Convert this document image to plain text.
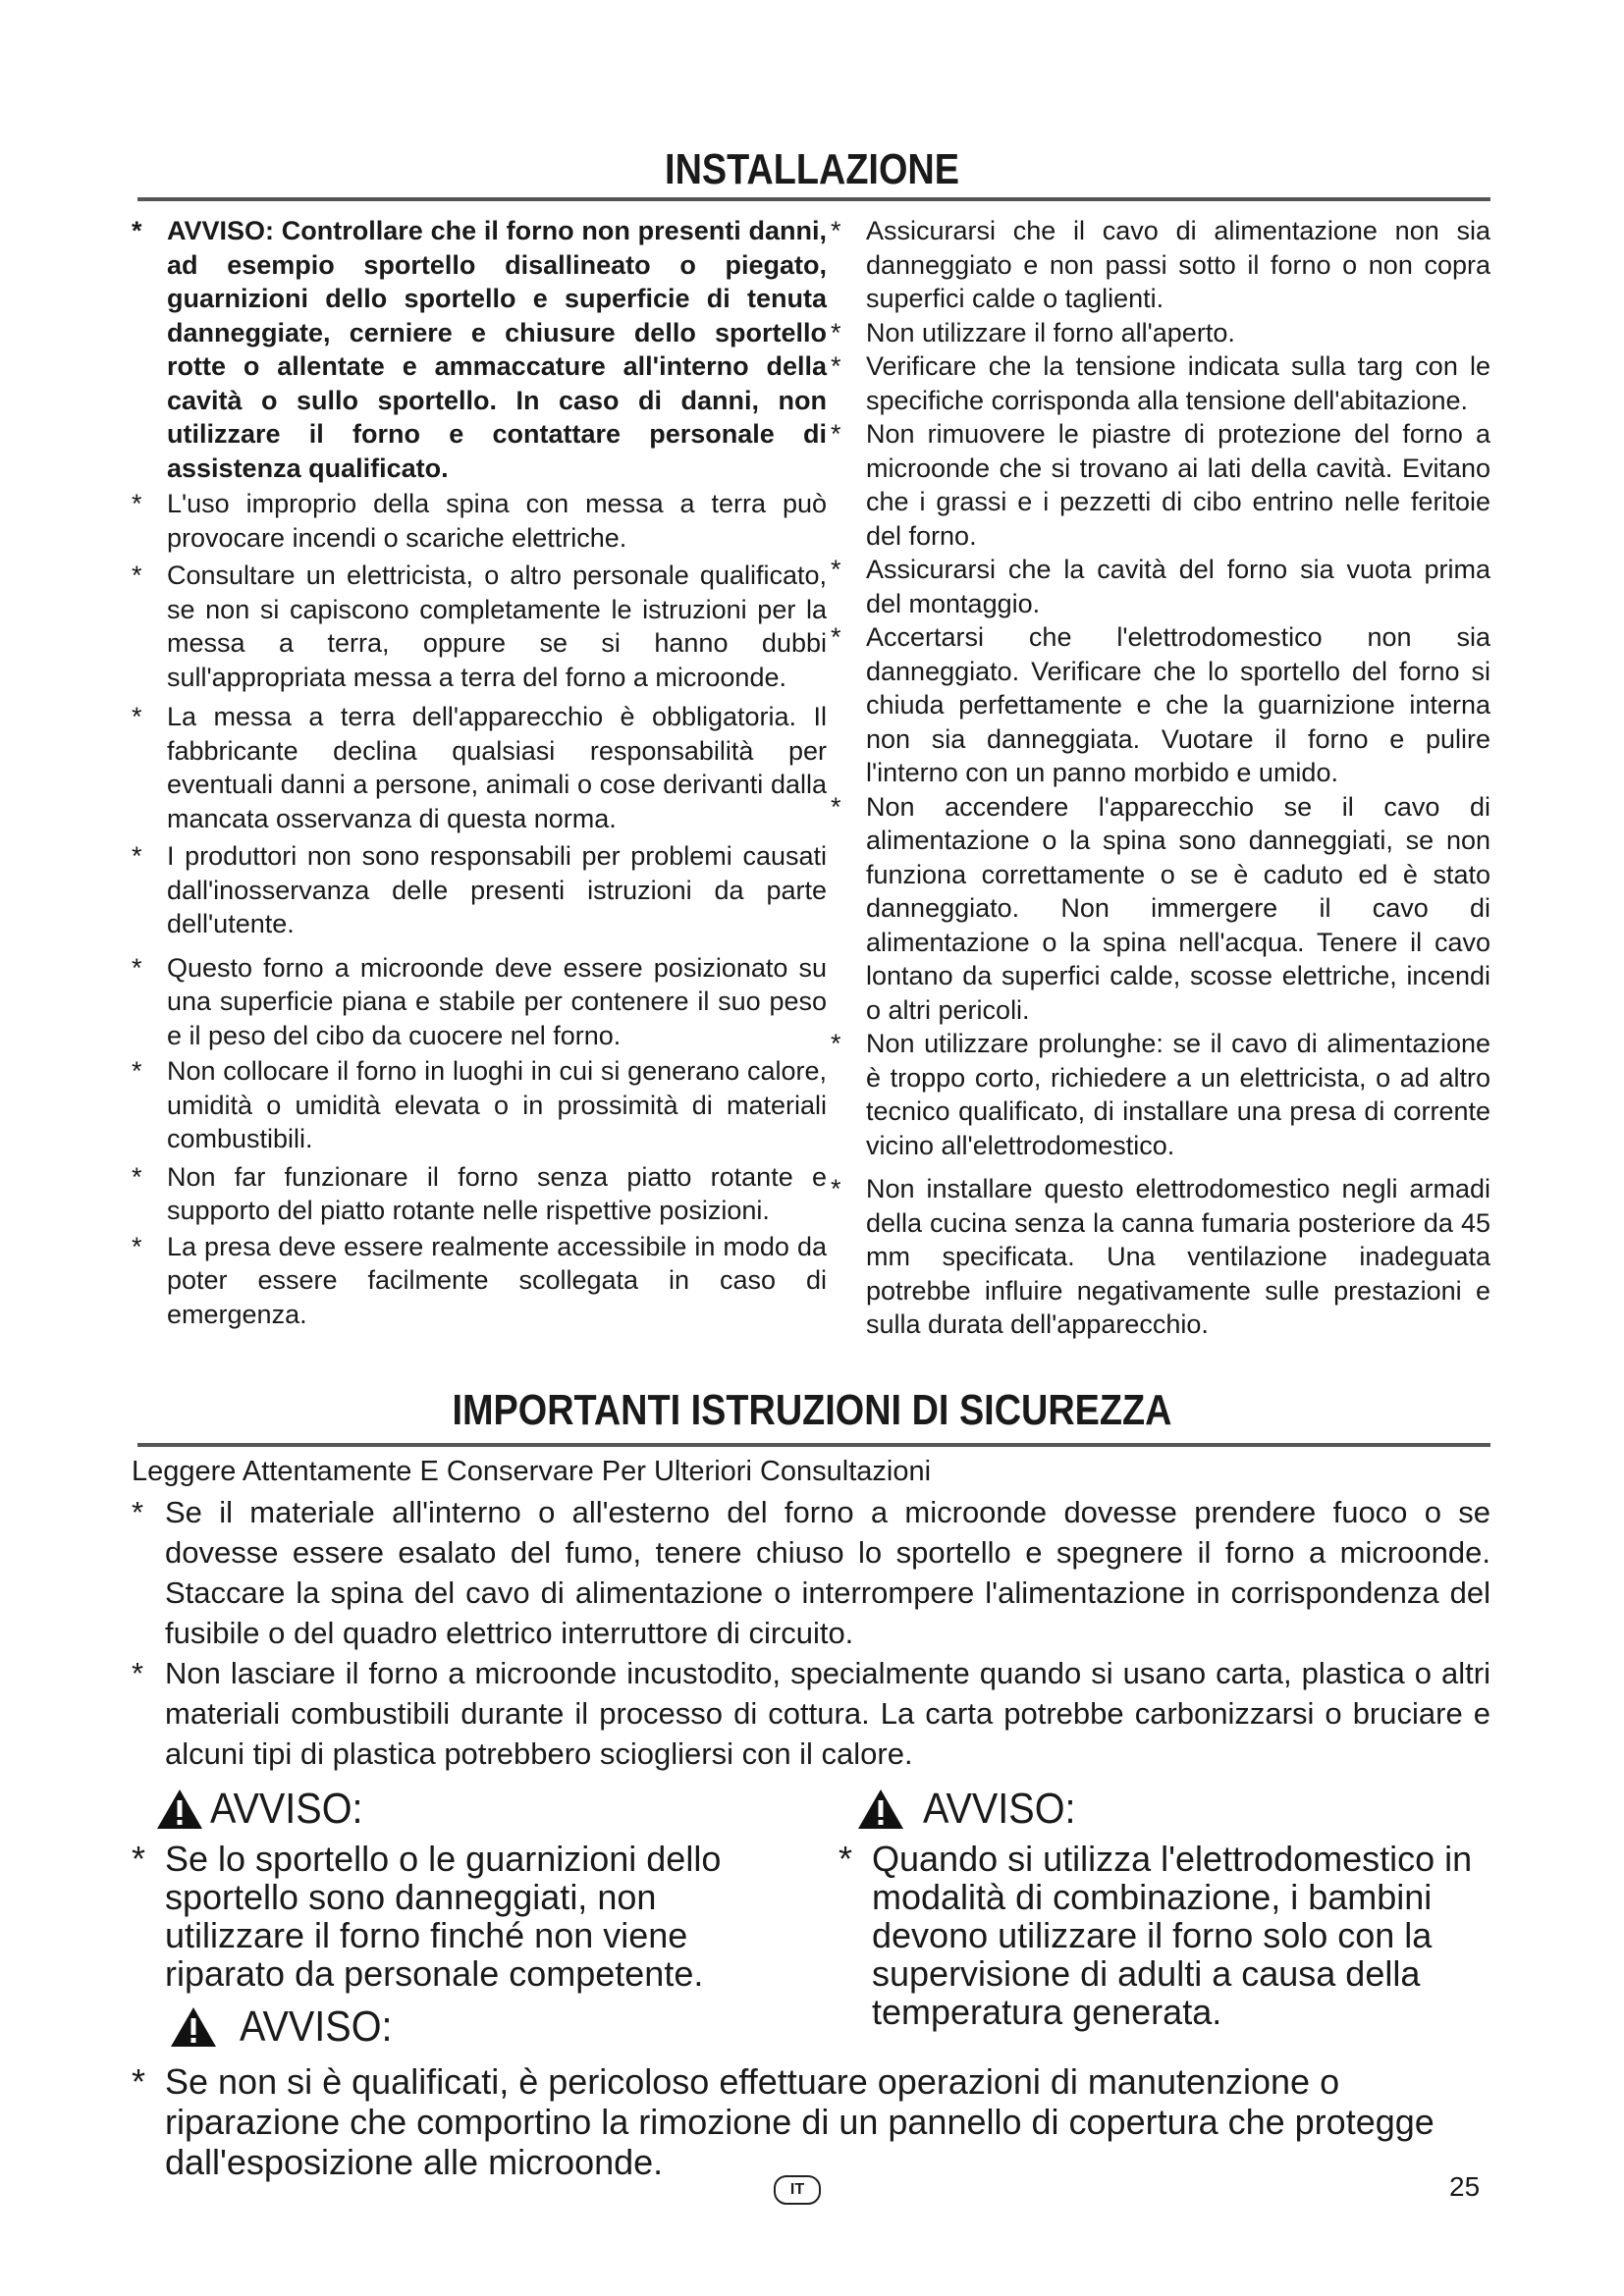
INSTALLAZIONE
* AVVISO: Controllare che il forno non presenti danni, ad esempio sportello disallineato o piegato, guarnizioni dello sportello e superficie di tenuta danneggiate, cerniere e chiusure dello sportello rotte o allentate e ammaccature all'interno della cavità o sullo sportello. In caso di danni, non utilizzare il forno e contattare personale di assistenza qualificato.
* L'uso improprio della spina con messa a terra può provocare incendi o scariche elettriche.
* Consultare un elettricista, o altro personale qualificato, se non si capiscono completamente le istruzioni per la messa a terra, oppure se si hanno dubbi sull'appropriata messa a terra del forno a microonde.
* La messa a terra dell'apparecchio è obbligatoria. Il fabbricante declina qualsiasi responsabilità per eventuali danni a persone, animali o cose derivanti dalla mancata osservanza di questa norma.
* I produttori non sono responsabili per problemi causati dall'inosservanza delle presenti istruzioni da parte dell'utente.
* Questo forno a microonde deve essere posizionato su una superficie piana e stabile per contenere il suo peso e il peso del cibo da cuocere nel forno.
* Non collocare il forno in luoghi in cui si generano calore, umidità o umidità elevata o in prossimità di materiali combustibili.
* Non far funzionare il forno senza piatto rotante e supporto del piatto rotante nelle rispettive posizioni.
* La presa deve essere realmente accessibile in modo da poter essere facilmente scollegata in caso di emergenza.
* Assicurarsi che il cavo di alimentazione non sia danneggiato e non passi sotto il forno o non copra superfici calde o taglienti.
* Non utilizzare il forno all'aperto.
* Verificare che la tensione indicata sulla targ con le specifiche corrisponda alla tensione dell'abitazione.
* Non rimuovere le piastre di protezione del forno a microonde che si trovano ai lati della cavità. Evitano che i grassi e i pezzetti di cibo entrino nelle feritoie del forno.
* Assicurarsi che la cavità del forno sia vuota prima del montaggio.
* Accertarsi che l'elettrodomestico non sia danneggiato. Verificare che lo sportello del forno si chiuda perfettamente e che la guarnizione interna non sia danneggiata. Vuotare il forno e pulire l'interno con un panno morbido e umido.
* Non accendere l'apparecchio se il cavo di alimentazione o la spina sono danneggiati, se non funziona correttamente o se è caduto ed è stato danneggiato. Non immergere il cavo di alimentazione o la spina nell'acqua. Tenere il cavo lontano da superfici calde, scosse elettriche, incendi o altri pericoli.
* Non utilizzare prolunghe: se il cavo di alimentazione è troppo corto, richiedere a un elettricista, o ad altro tecnico qualificato, di installare una presa di corrente vicino all'elettrodomestico.
* Non installare questo elettrodomestico negli armadi della cucina senza la canna fumaria posteriore da 45 mm specificata. Una ventilazione inadeguata potrebbe influire negativamente sulle prestazioni e sulla durata dell'apparecchio.
IMPORTANTI ISTRUZIONI DI SICUREZZA
Leggere Attentamente E Conservare Per Ulteriori Consultazioni
* Se il materiale all'interno o all'esterno del forno a microonde dovesse prendere fuoco o se dovesse essere esalato del fumo, tenere chiuso lo sportello e spegnere il forno a microonde. Staccare la spina del cavo di alimentazione o interrompere l'alimentazione in corrispondenza del fusibile o del quadro elettrico interruttore di circuito.
* Non lasciare il forno a microonde incustodito, specialmente quando si usano carta, plastica o altri materiali combustibili durante il processo di cottura. La carta potrebbe carbonizzarsi o bruciare e alcuni tipi di plastica potrebbero sciogliersi con il calore.
AVVISO:	AVVISO:
* Se lo sportello o le guarnizioni dello sportello sono danneggiati, non utilizzare il forno finché non viene riparato da personale competente.
* Quando si utilizza l'elettrodomestico in modalità di combinazione, i bambini devono utilizzare il forno solo con la supervisione di adulti a causa della temperatura generata.
AVVISO:
* Se non si è qualificati, è pericoloso effettuare operazioni di manutenzione o riparazione che comportino la rimozione di un pannello di copertura che protegge dall'esposizione alle microonde.
IT	25
